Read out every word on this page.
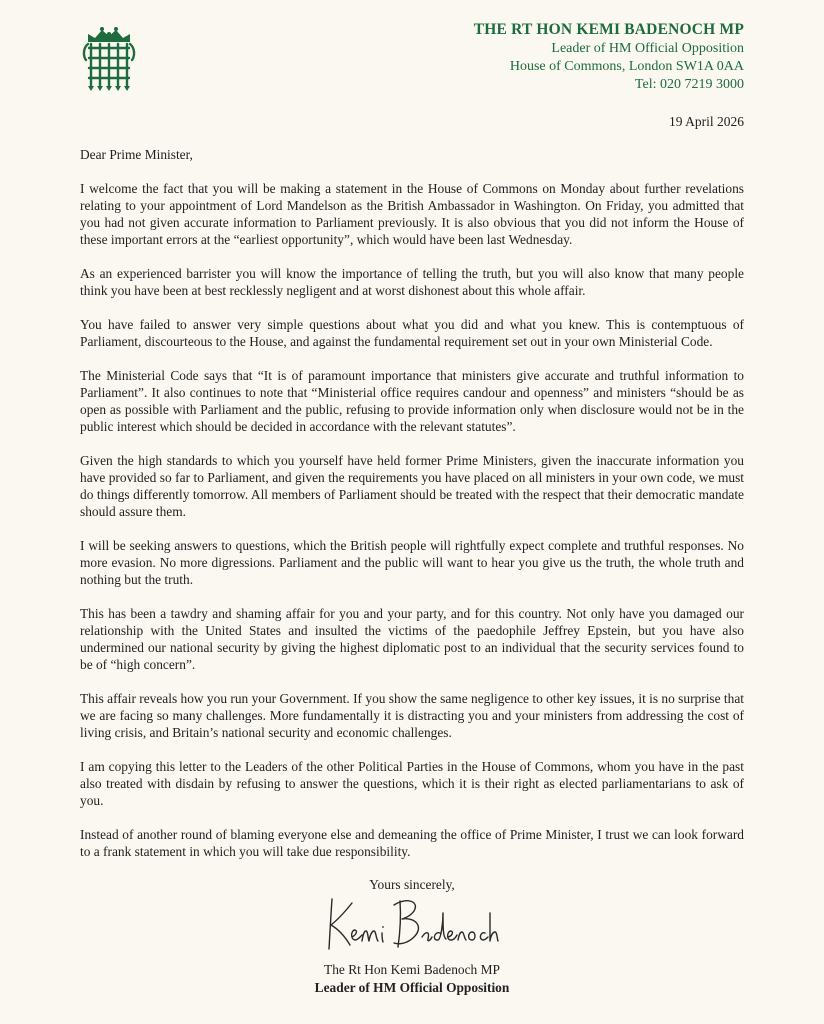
THE RT HON KEMI BADENOCH MP
Leader of HM Official Opposition
House of Commons, London SW1A 0AA
Tel: 020 7219 3000
19 April 2026

Dear Prime Minister,

I welcome the fact that you will be making a statement in the House of Commons on Monday about further revelations relating to your appointment of Lord Mandelson as the British Ambassador in Washington. On Friday, you admitted that you had not given accurate information to Parliament previously. It is also obvious that you did not inform the House of these important errors at the “earliest opportunity”, which would have been last Wednesday.

As an experienced barrister you will know the importance of telling the truth, but you will also know that many people think you have been at best recklessly negligent and at worst dishonest about this whole affair.

You have failed to answer very simple questions about what you did and what you knew. This is contemptuous of Parliament, discourteous to the House, and against the fundamental requirement set out in your own Ministerial Code.

The Ministerial Code says that “It is of paramount importance that ministers give accurate and truthful information to Parliament”. It also continues to note that “Ministerial office requires candour and openness” and ministers “should be as open as possible with Parliament and the public, refusing to provide information only when disclosure would not be in the public interest which should be decided in accordance with the relevant statutes”.

Given the high standards to which you yourself have held former Prime Ministers, given the inaccurate information you have provided so far to Parliament, and given the requirements you have placed on all ministers in your own code, we must do things differently tomorrow. All members of Parliament should be treated with the respect that their democratic mandate should assure them.

I will be seeking answers to questions, which the British people will rightfully expect complete and truthful responses. No more evasion. No more digressions. Parliament and the public will want to hear you give us the truth, the whole truth and nothing but the truth.

This has been a tawdry and shaming affair for you and your party, and for this country. Not only have you damaged our relationship with the United States and insulted the victims of the paedophile Jeffrey Epstein, but you have also undermined our national security by giving the highest diplomatic post to an individual that the security services found to be of “high concern”.

This affair reveals how you run your Government. If you show the same negligence to other key issues, it is no surprise that we are facing so many challenges. More fundamentally it is distracting you and your ministers from addressing the cost of living crisis, and Britain’s national security and economic challenges.

I am copying this letter to the Leaders of the other Political Parties in the House of Commons, whom you have in the past also treated with disdain by refusing to answer the questions, which it is their right as elected parliamentarians to ask of you.

Instead of another round of blaming everyone else and demeaning the office of Prime Minister, I trust we can look forward to a frank statement in which you will take due responsibility.

Yours sincerely,
The Rt Hon Kemi Badenoch MP
Leader of HM Official Opposition
